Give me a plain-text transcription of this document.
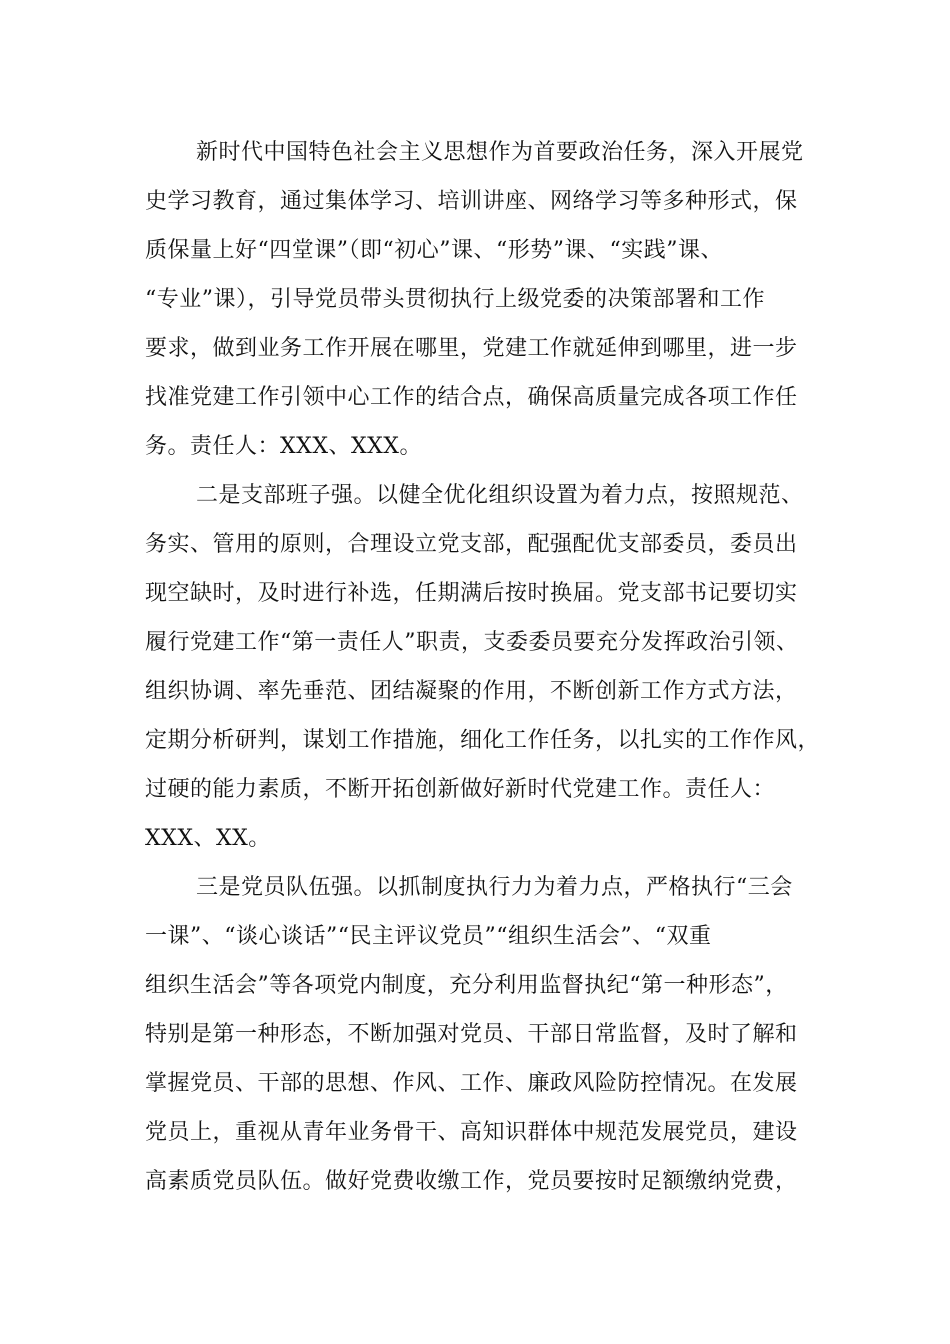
新时代中国特色社会主义思想作为首要政治任务，深入开展党
史学习教育，通过集体学习、培训讲座、网络学习等多种形式，保
质保量上好“四堂课”（即“初心”课、“形势”课、“实践”课、
“专业”课），引导党员带头贯彻执行上级党委的决策部署和工作
要求，做到业务工作开展在哪里，党建工作就延伸到哪里，进一步
找准党建工作引领中心工作的结合点，确保高质量完成各项工作任
务。责任人：XXX、XXX。
二是支部班子强。以健全优化组织设置为着力点，按照规范、
务实、管用的原则，合理设立党支部，配强配优支部委员，委员出
现空缺时，及时进行补选，任期满后按时换届。党支部书记要切实
履行党建工作“第一责任人”职责，支委委员要充分发挥政治引领、
组织协调、率先垂范、团结凝聚的作用，不断创新工作方式方法，
定期分析研判，谋划工作措施，细化工作任务，以扎实的工作作风，
过硬的能力素质，不断开拓创新做好新时代党建工作。责任人：
XXX、XX。
三是党员队伍强。以抓制度执行力为着力点，严格执行“三会
一课”、“谈心谈话”“民主评议党员”“组织生活会”、“双重
组织生活会”等各项党内制度，充分利用监督执纪“第一种形态”，
特别是第一种形态，不断加强对党员、干部日常监督，及时了解和
掌握党员、干部的思想、作风、工作、廉政风险防控情况。在发展
党员上，重视从青年业务骨干、高知识群体中规范发展党员，建设
高素质党员队伍。做好党费收缴工作，党员要按时足额缴纳党费，
